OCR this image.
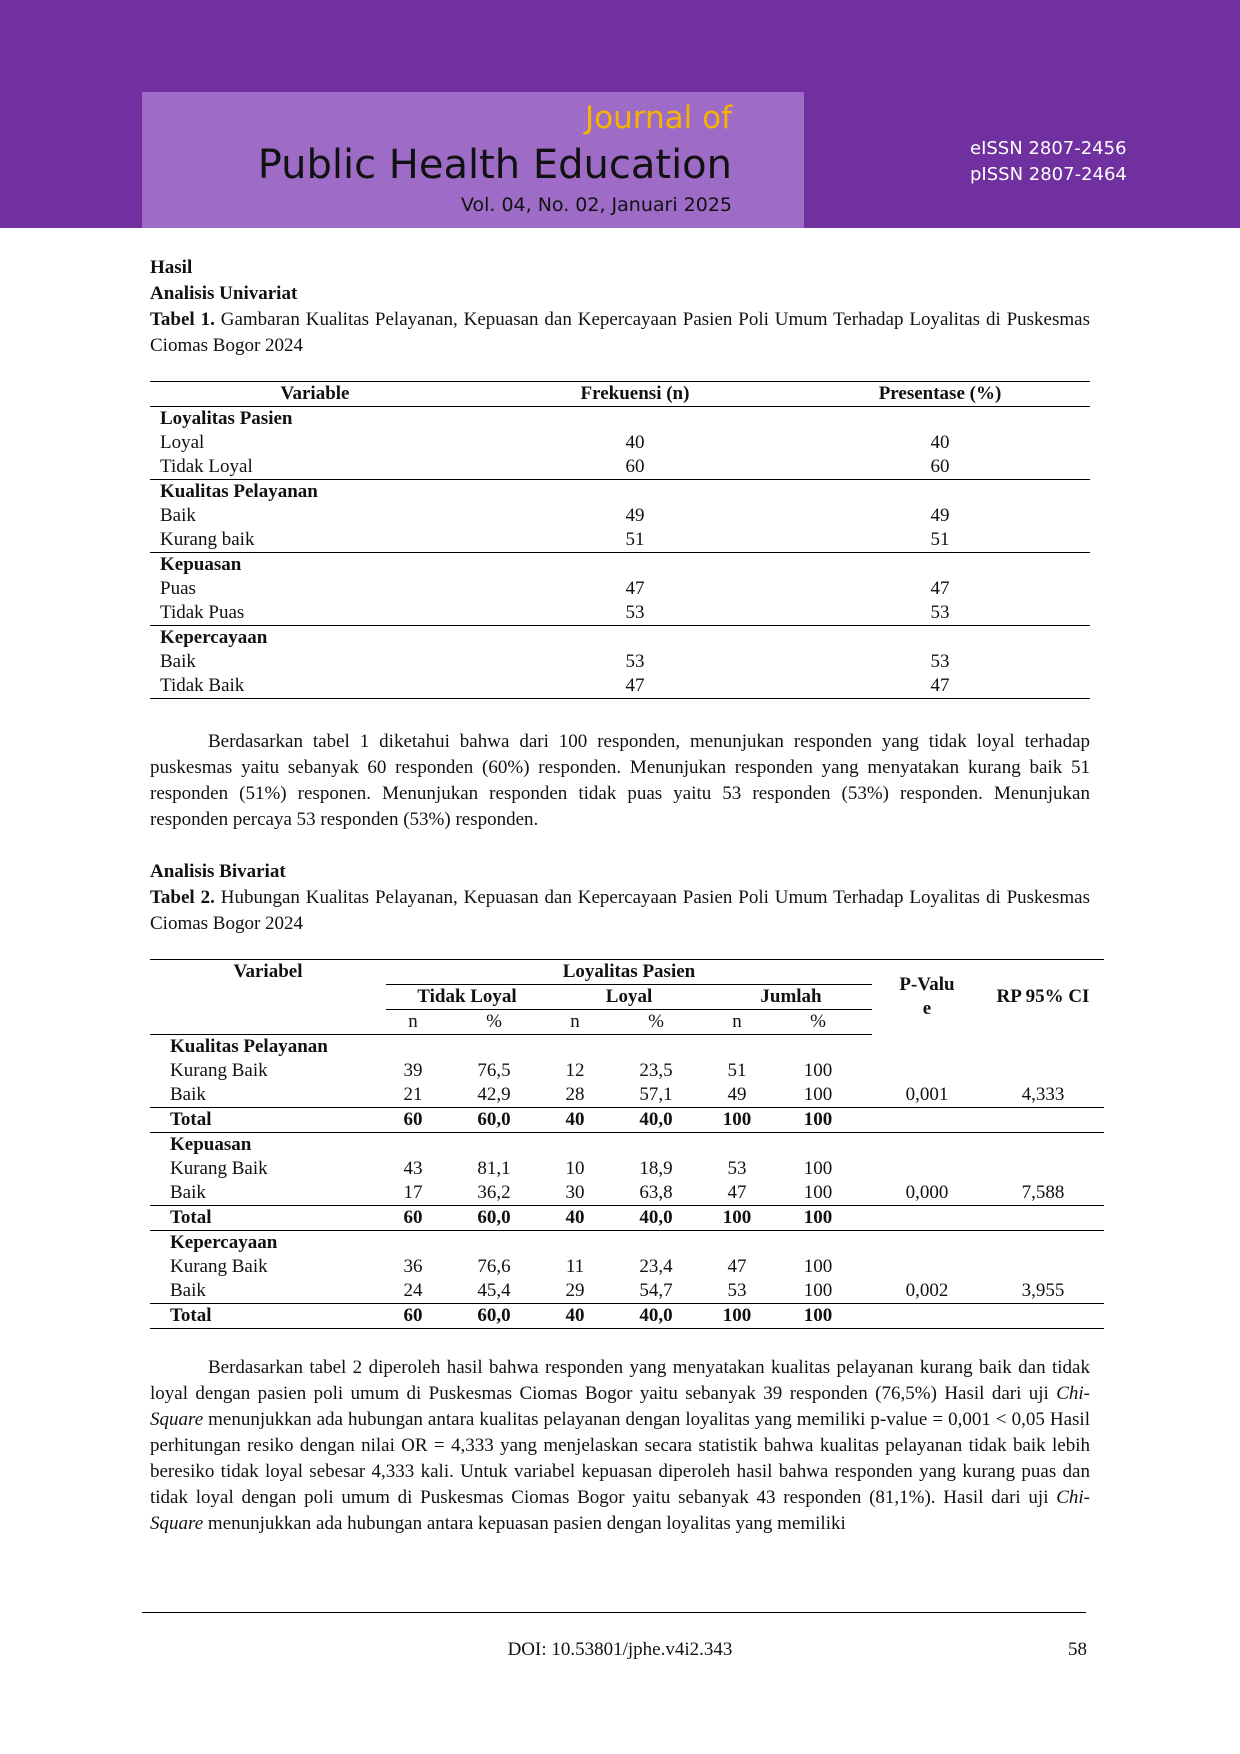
Journal of
Public Health Education
Vol. 04, No. 02, Januari 2025
eISSN 2807-2456
pISSN 2807-2464
Hasil
Analisis Univariat
Tabel 1. Gambaran Kualitas Pelayanan, Kepuasan dan Kepercayaan Pasien Poli Umum Terhadap Loyalitas di Puskesmas Ciomas Bogor 2024
Variable	Frekuensi (n)	Presentase (%)
Loyalitas Pasien		
Loyal	40	40
Tidak Loyal	60	60
Kualitas Pelayanan		
Baik	49	49
Kurang baik	51	51
Kepuasan		
Puas	47	47
Tidak Puas	53	53
Kepercayaan		
Baik	53	53
Tidak Baik	47	47

Berdasarkan tabel 1 diketahui bahwa dari 100 responden, menunjukan responden yang tidak loyal terhadap puskesmas yaitu sebanyak 60 responden (60%) responden. Menunjukan responden yang menyatakan kurang baik 51 responden (51%) responen. Menunjukan responden tidak puas yaitu 53 responden (53%) responden. Menunjukan responden percaya 53 responden (53%) responden.

Analisis Bivariat
Tabel 2. Hubungan Kualitas Pelayanan, Kepuasan dan Kepercayaan Pasien Poli Umum Terhadap Loyalitas di Puskesmas Ciomas Bogor 2024
Variabel	Loyalitas Pasien						P-Value	RP 95% CI
	Tidak Loyal		Loyal		Jumlah			
	n	%	n	%	n	%		
Kualitas Pelayanan								
Kurang Baik	39	76,5	12	23,5	51	100		
Baik	21	42,9	28	57,1	49	100	0,001	4,333
Total	60	60,0	40	40,0	100	100		
Kepuasan								
Kurang Baik	43	81,1	10	18,9	53	100		
Baik	17	36,2	30	63,8	47	100	0,000	7,588
Total	60	60,0	40	40,0	100	100		
Kepercayaan								
Kurang Baik	36	76,6	11	23,4	47	100		
Baik	24	45,4	29	54,7	53	100	0,002	3,955
Total	60	60,0	40	40,0	100	100		

Berdasarkan tabel 2 diperoleh hasil bahwa responden yang menyatakan kualitas pelayanan kurang baik dan tidak loyal dengan pasien poli umum di Puskesmas Ciomas Bogor yaitu sebanyak 39 responden (76,5%) Hasil dari uji Chi-Square menunjukkan ada hubungan antara kualitas pelayanan dengan loyalitas yang memiliki p-value = 0,001 < 0,05 Hasil perhitungan resiko dengan nilai OR = 4,333 yang menjelaskan secara statistik bahwa kualitas pelayanan tidak baik lebih beresiko tidak loyal sebesar 4,333 kali. Untuk variabel kepuasan diperoleh hasil bahwa responden yang kurang puas dan tidak loyal dengan poli umum di Puskesmas Ciomas Bogor yaitu sebanyak 43 responden (81,1%). Hasil dari uji Chi-Square menunjukkan ada hubungan antara kepuasan pasien dengan loyalitas yang memiliki

DOI: 10.53801/jphe.v4i2.343	58
